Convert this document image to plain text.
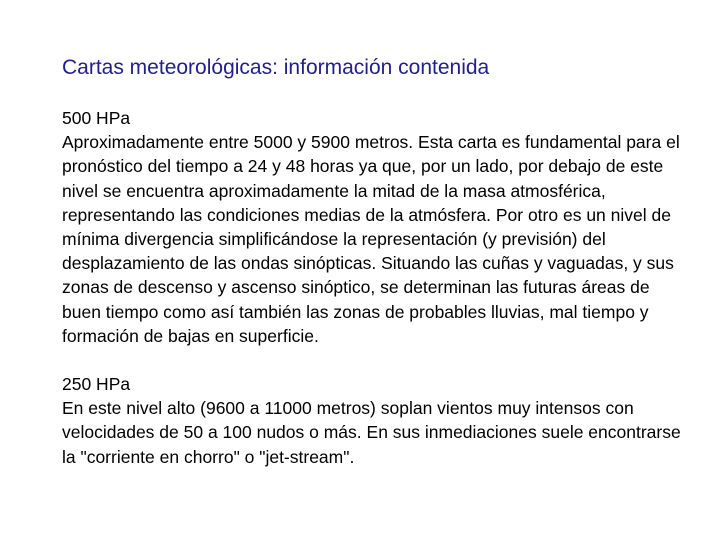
Cartas meteorológicas: información contenida

500 HPa
Aproximadamente entre 5000 y 5900 metros. Esta carta es fundamental para el pronóstico del tiempo a 24 y 48 horas ya que, por un lado, por debajo de este nivel se encuentra aproximadamente la mitad de la masa atmosférica, representando las condiciones medias de la atmósfera. Por otro es un nivel de mínima divergencia simplificándose la representación (y previsión) del desplazamiento de las ondas sinópticas. Situando las cuñas y vaguadas, y sus zonas de descenso y ascenso sinóptico, se determinan las futuras áreas de buen tiempo como así también las zonas de probables lluvias, mal tiempo y formación de bajas en superficie.

250 HPa
En este nivel alto (9600 a 11000 metros) soplan vientos muy intensos con velocidades de 50 a 100 nudos o más. En sus inmediaciones suele encontrarse la "corriente en chorro" o "jet-stream".
